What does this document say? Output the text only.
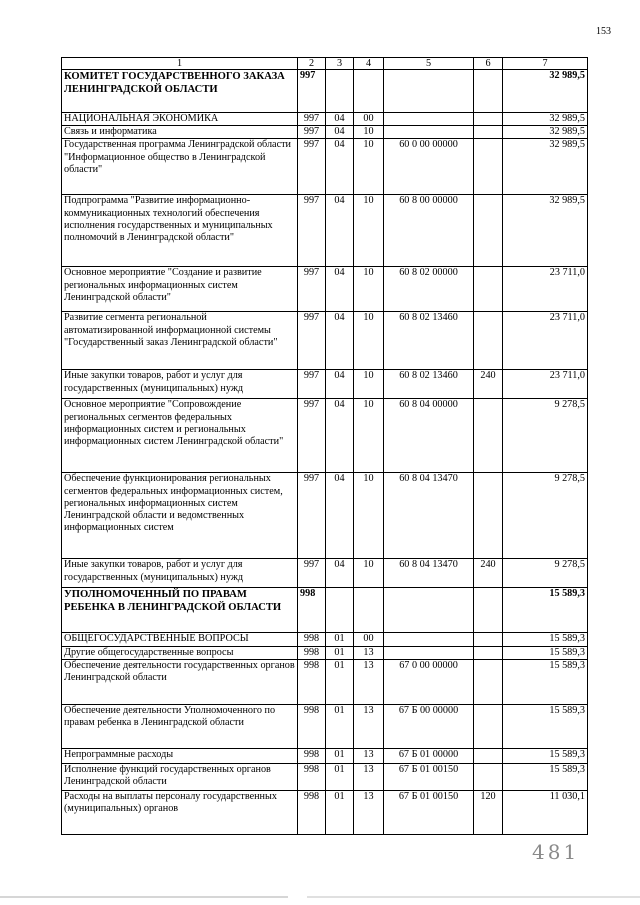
153
1	2	3	4	5	6	7
КОМИТЕТ ГОСУДАРСТВЕННОГО ЗАКАЗА ЛЕНИНГРАДСКОЙ ОБЛАСТИ	997					32 989,5
НАЦИОНАЛЬНАЯ ЭКОНОМИКА	997	04	00			32 989,5
Связь и информатика	997	04	10			32 989,5
Государственная программа Ленинградской области "Информационное общество в Ленинградской области"	997	04	10	60 0 00 00000		32 989,5
Подпрограмма "Развитие информационно-коммуникационных технологий обеспечения исполнения государственных и муниципальных полномочий в Ленинградской области"	997	04	10	60 8 00 00000		32 989,5
Основное мероприятие "Создание и развитие региональных информационных систем Ленинградской области"	997	04	10	60 8 02 00000		23 711,0
Развитие сегмента региональной автоматизированной информационной системы "Государственный заказ Ленинградской области"	997	04	10	60 8 02 13460		23 711,0
Иные закупки товаров, работ и услуг для государственных (муниципальных) нужд	997	04	10	60 8 02 13460	240	23 711,0
Основное мероприятие "Сопровождение региональных сегментов федеральных информационных систем и региональных информационных систем Ленинградской области"	997	04	10	60 8 04 00000		9 278,5
Обеспечение функционирования региональных сегментов федеральных информационных систем, региональных информационных систем Ленинградской области и ведомственных информационных систем	997	04	10	60 8 04 13470		9 278,5
Иные закупки товаров, работ и услуг для государственных (муниципальных) нужд	997	04	10	60 8 04 13470	240	9 278,5
УПОЛНОМОЧЕННЫЙ ПО ПРАВАМ РЕБЕНКА В ЛЕНИНГРАДСКОЙ ОБЛАСТИ	998					15 589,3
ОБЩЕГОСУДАРСТВЕННЫЕ ВОПРОСЫ	998	01	00			15 589,3
Другие общегосударственные вопросы	998	01	13			15 589,3
Обеспечение деятельности государственных органов Ленинградской области	998	01	13	67 0 00 00000		15 589,3
Обеспечение деятельности Уполномоченного по правам ребенка в Ленинградской области	998	01	13	67 Б 00 00000		15 589,3
Непрограммные расходы	998	01	13	67 Б 01 00000		15 589,3
Исполнение функций государственных органов Ленинградской области	998	01	13	67 Б 01 00150		15 589,3
Расходы на выплаты персоналу государственных (муниципальных) органов	998	01	13	67 Б 01 00150	120	11 030,1
481
